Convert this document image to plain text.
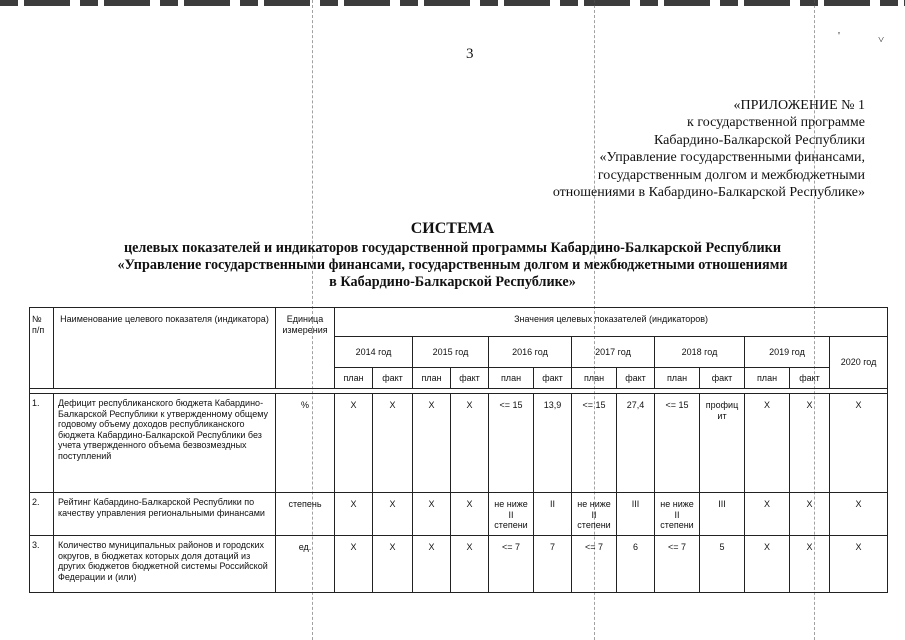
'	˅
3
«ПРИЛОЖЕНИЕ № 1
к государственной программе
Кабардино-Балкарской Республики
«Управление государственными финансами,
государственным долгом и межбюджетными
отношениями в Кабардино-Балкарской Республике»
СИСТЕМА
целевых показателей и индикаторов государственной программы Кабардино-Балкарской Республики
«Управление государственными финансами, государственным долгом и межбюджетными отношениями
в Кабардино-Балкарской Республике»
№ п/п	Наименование целевого показателя (индикатора)	Единица измерения	Значения целевых показателей (индикаторов)												
			2014 год		2015 год		2016 год		2017 год		2018 год		2019 год		2020 год
			план	факт	план	факт	план	факт	план	факт	план	факт	план	факт	

1.	Дефицит республиканского бюджета Кабардино-Балкарской Республики к утвержденному общему годовому объему доходов республиканского бюджета Кабардино-Балкарской Республики без учета утвержденного объема безвозмездных поступлений	%	Х	Х	Х	Х	<= 15	13,9	<= 15	27,4	<= 15	профиц ит	Х	Х	Х
2.	Рейтинг Кабардино-Балкарской Республики по качеству управления региональными финансами	степень	Х	Х	Х	Х	не ниже II степени	II	не ниже II степени	III	не ниже II степени	III	Х	Х	Х
3.	Количество муниципальных районов и городских округов, в бюджетах которых доля дотаций из других бюджетов бюджетной системы Российской Федерации и (или)	ед.	Х	Х	Х	Х	<= 7	7	<= 7	6	<= 7	5	Х	Х	Х
